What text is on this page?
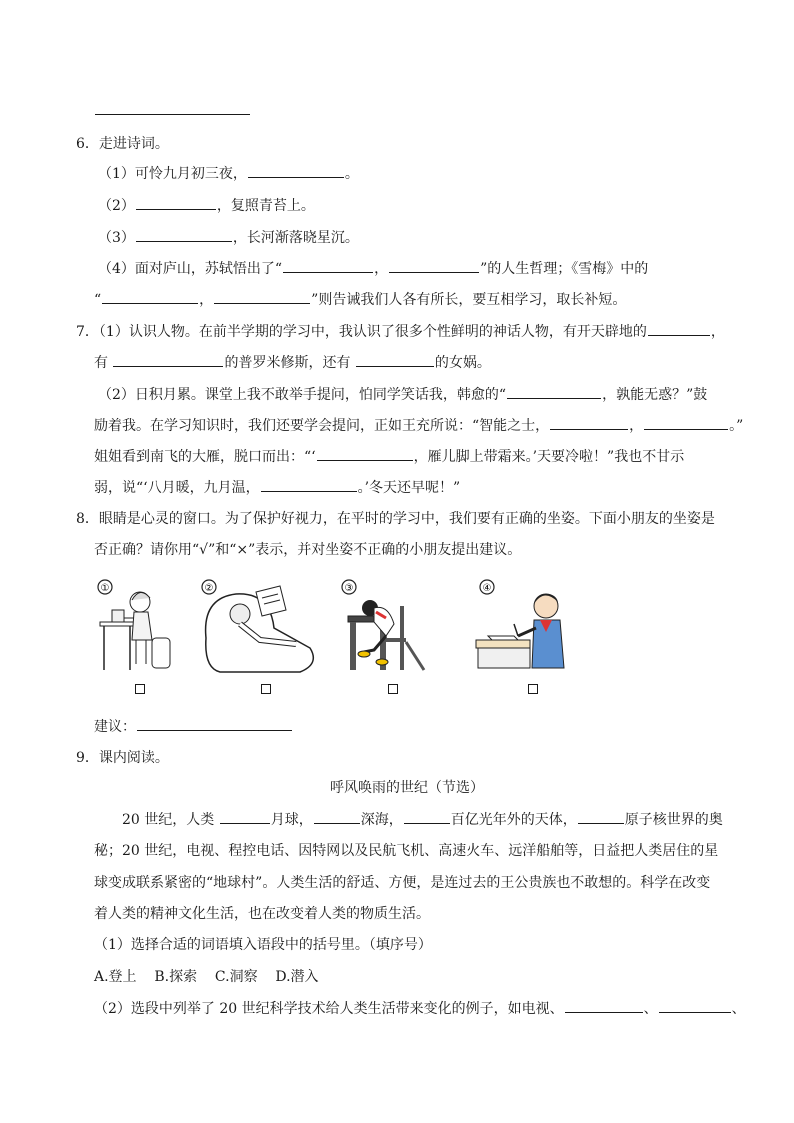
6．走进诗词。
（1）可怜九月初三夜，	。
（2）	，复照青苔上。
（3）	，长河渐落晓星沉。
（4）面对庐山，苏轼悟出了“	，	”的人生哲理；《雪梅》中的
“	，	”则告诫我们人各有所长，要互相学习，取长补短。
7．（1）认识人物。在前半学期的学习中，我认识了很多个性鲜明的神话人物，有开天辟地的	，
有	的普罗米修斯，还有	的女娲。
（2）日积月累。课堂上我不敢举手提问，怕同学笑话我，韩愈的“	，孰能无惑？”鼓
励着我。在学习知识时，我们还要学会提问，正如王充所说：“智能之士，	，	。”
姐姐看到南飞的大雁，脱口而出：“‘	，雁儿脚上带霜来。’天要冷啦！”我也不甘示
弱，说“‘八月暖，九月温，	。’冬天还早呢！”
8．眼睛是心灵的窗口。为了保护好视力，在平时的学习中，我们要有正确的坐姿。下面小朋友的坐姿是
否正确？请你用“√”和“×”表示，并对坐姿不正确的小朋友提出建议。
①	②	③	④
建议：
9．课内阅读。
呼风唤雨的世纪（节选）
20 世纪，人类	月球，	深海，	百亿光年外的天体，	原子核世界的奥
秘；20 世纪，电视、程控电话、因特网以及民航飞机、高速火车、远洋船舶等，日益把人类居住的星
球变成联系紧密的“地球村”。人类生活的舒适、方便，是连过去的王公贵族也不敢想的。科学在改变
着人类的精神文化生活，也在改变着人类的物质生活。
（1）选择合适的词语填入语段中的括号里。（填序号）
A.登上    B.探索    C.洞察    D.潜入
（2）选段中列举了 20 世纪科学技术给人类生活带来变化的例子，如电视、	、	、
